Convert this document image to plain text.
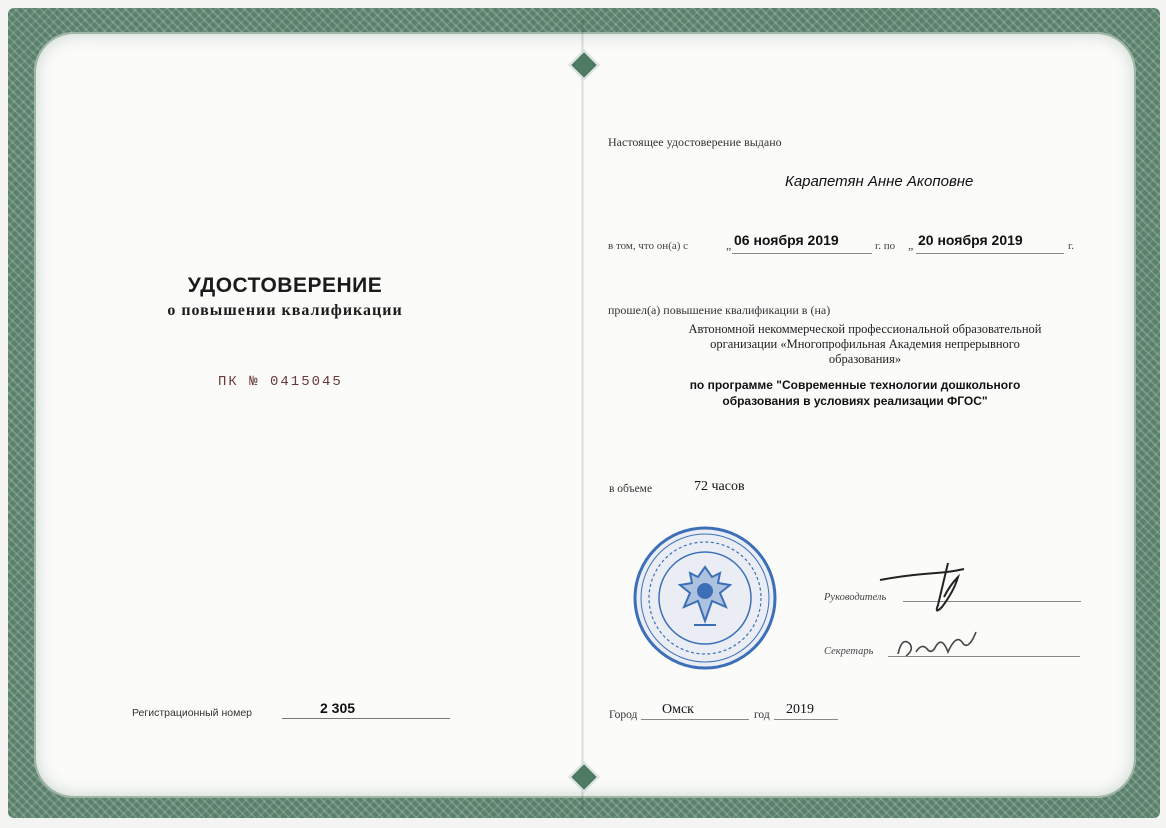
УДОСТОВЕРЕНИЕ
о повышении квалификации
ПК № 0415045
Регистрационный номер	2 305
Настоящее удостоверение выдано
Карапетян Анне Акоповне
в том, что он(а) с	„ 06 ноября 2019	г. по „ 20 ноября 2019	г.
прошел(а) повышение квалификации в (на)
Автономной некоммерческой профессиональной образовательной
организации «Многопрофильная Академия непрерывного
образования»
по программе "Современные технологии дошкольного
образования в условиях реализации ФГОС"
в объеме	72 часов
Руководитель
Секретарь
Город Омск	год 2019
